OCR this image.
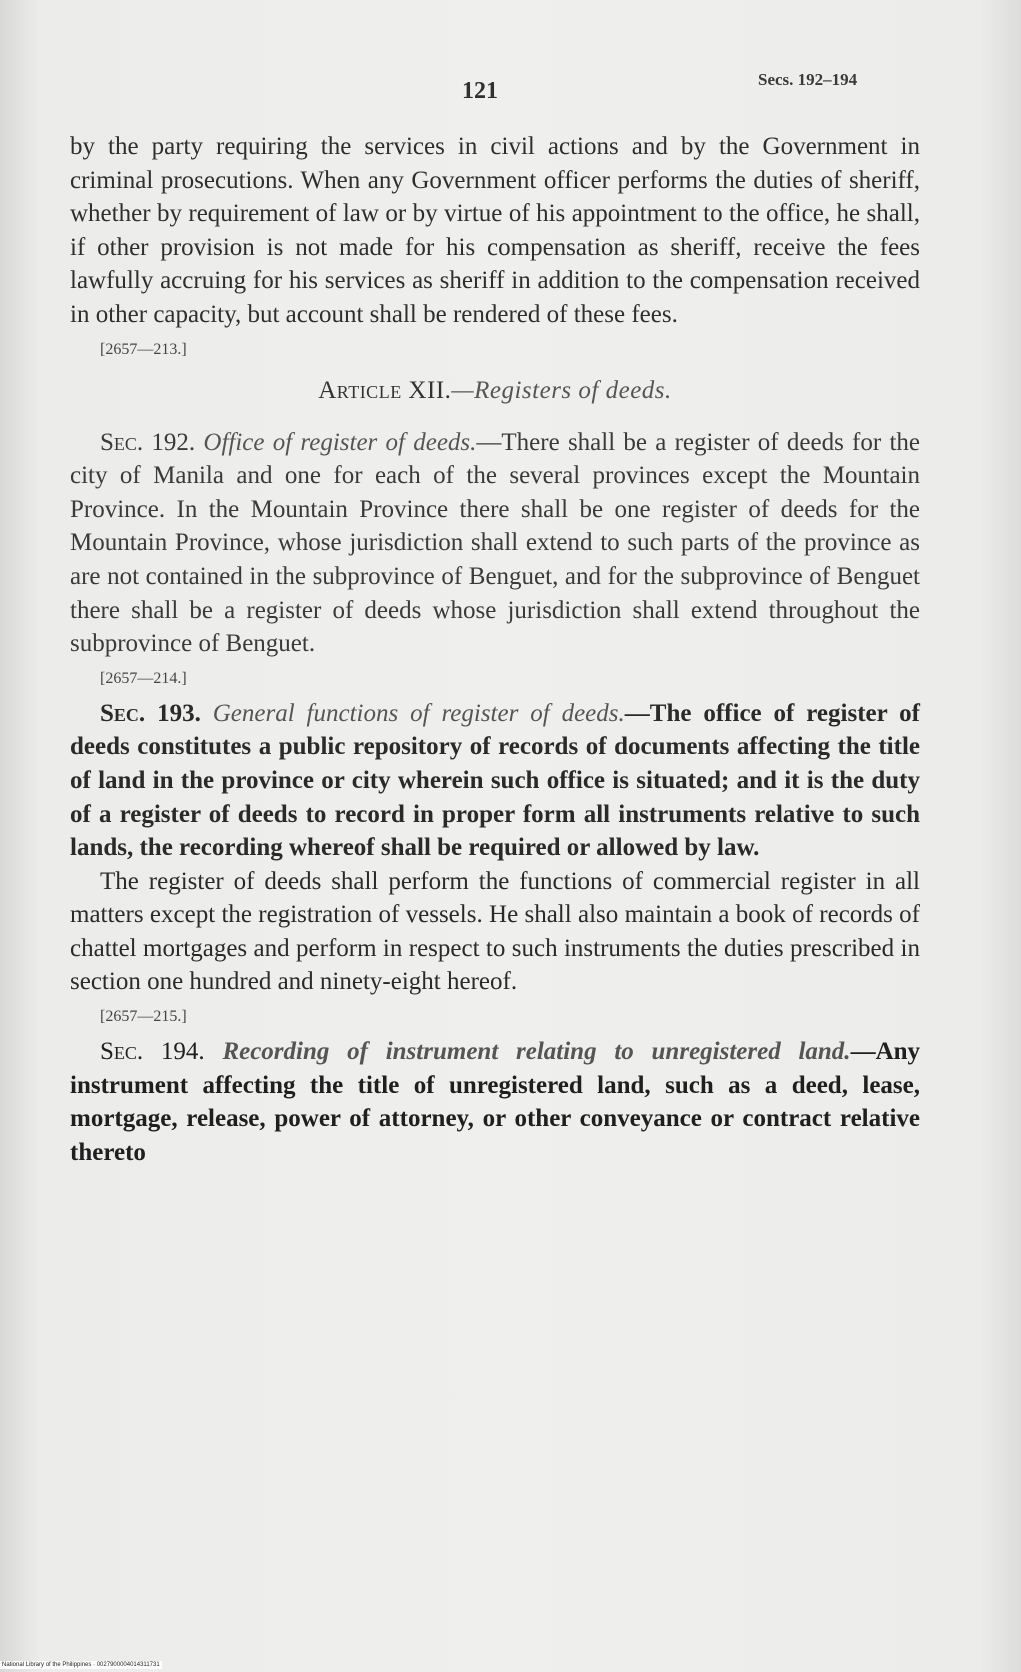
121	Secs. 192–194

by the party requiring the services in civil actions and by the Government in criminal prosecutions. When any Government officer performs the duties of sheriff, whether by requirement of law or by virtue of his appointment to the office, he shall, if other provision is not made for his compensation as sheriff, receive the fees lawfully accruing for his services as sheriff in addition to the compensation received in other capacity, but account shall be rendered of these fees.

[2657—213.]
Article XII.—Registers of deeds.

Sec. 192. Office of register of deeds.—There shall be a register of deeds for the city of Manila and one for each of the several provinces except the Mountain Province. In the Mountain Province there shall be one register of deeds for the Mountain Province, whose jurisdiction shall extend to such parts of the province as are not contained in the subprovince of Benguet, and for the subprovince of Benguet there shall be a register of deeds whose jurisdiction shall extend throughout the subprovince of Benguet.

[2657—214.]

Sec. 193. General functions of register of deeds.—The office of register of deeds constitutes a public repository of records of documents affecting the title of land in the province or city wherein such office is situated; and it is the duty of a register of deeds to record in proper form all instruments relative to such lands, the recording whereof shall be required or allowed by law.

The register of deeds shall perform the functions of commercial register in all matters except the registration of vessels. He shall also maintain a book of records of chattel mortgages and perform in respect to such instruments the duties prescribed in section one hundred and ninety-eight hereof.

[2657—215.]

Sec. 194. Recording of instrument relating to unregistered land.—Any instrument affecting the title of unregistered land, such as a deed, lease, mortgage, release, power of attorney, or other conveyance or contract relative thereto

National Library of the Philippines · 0027900004014311731
